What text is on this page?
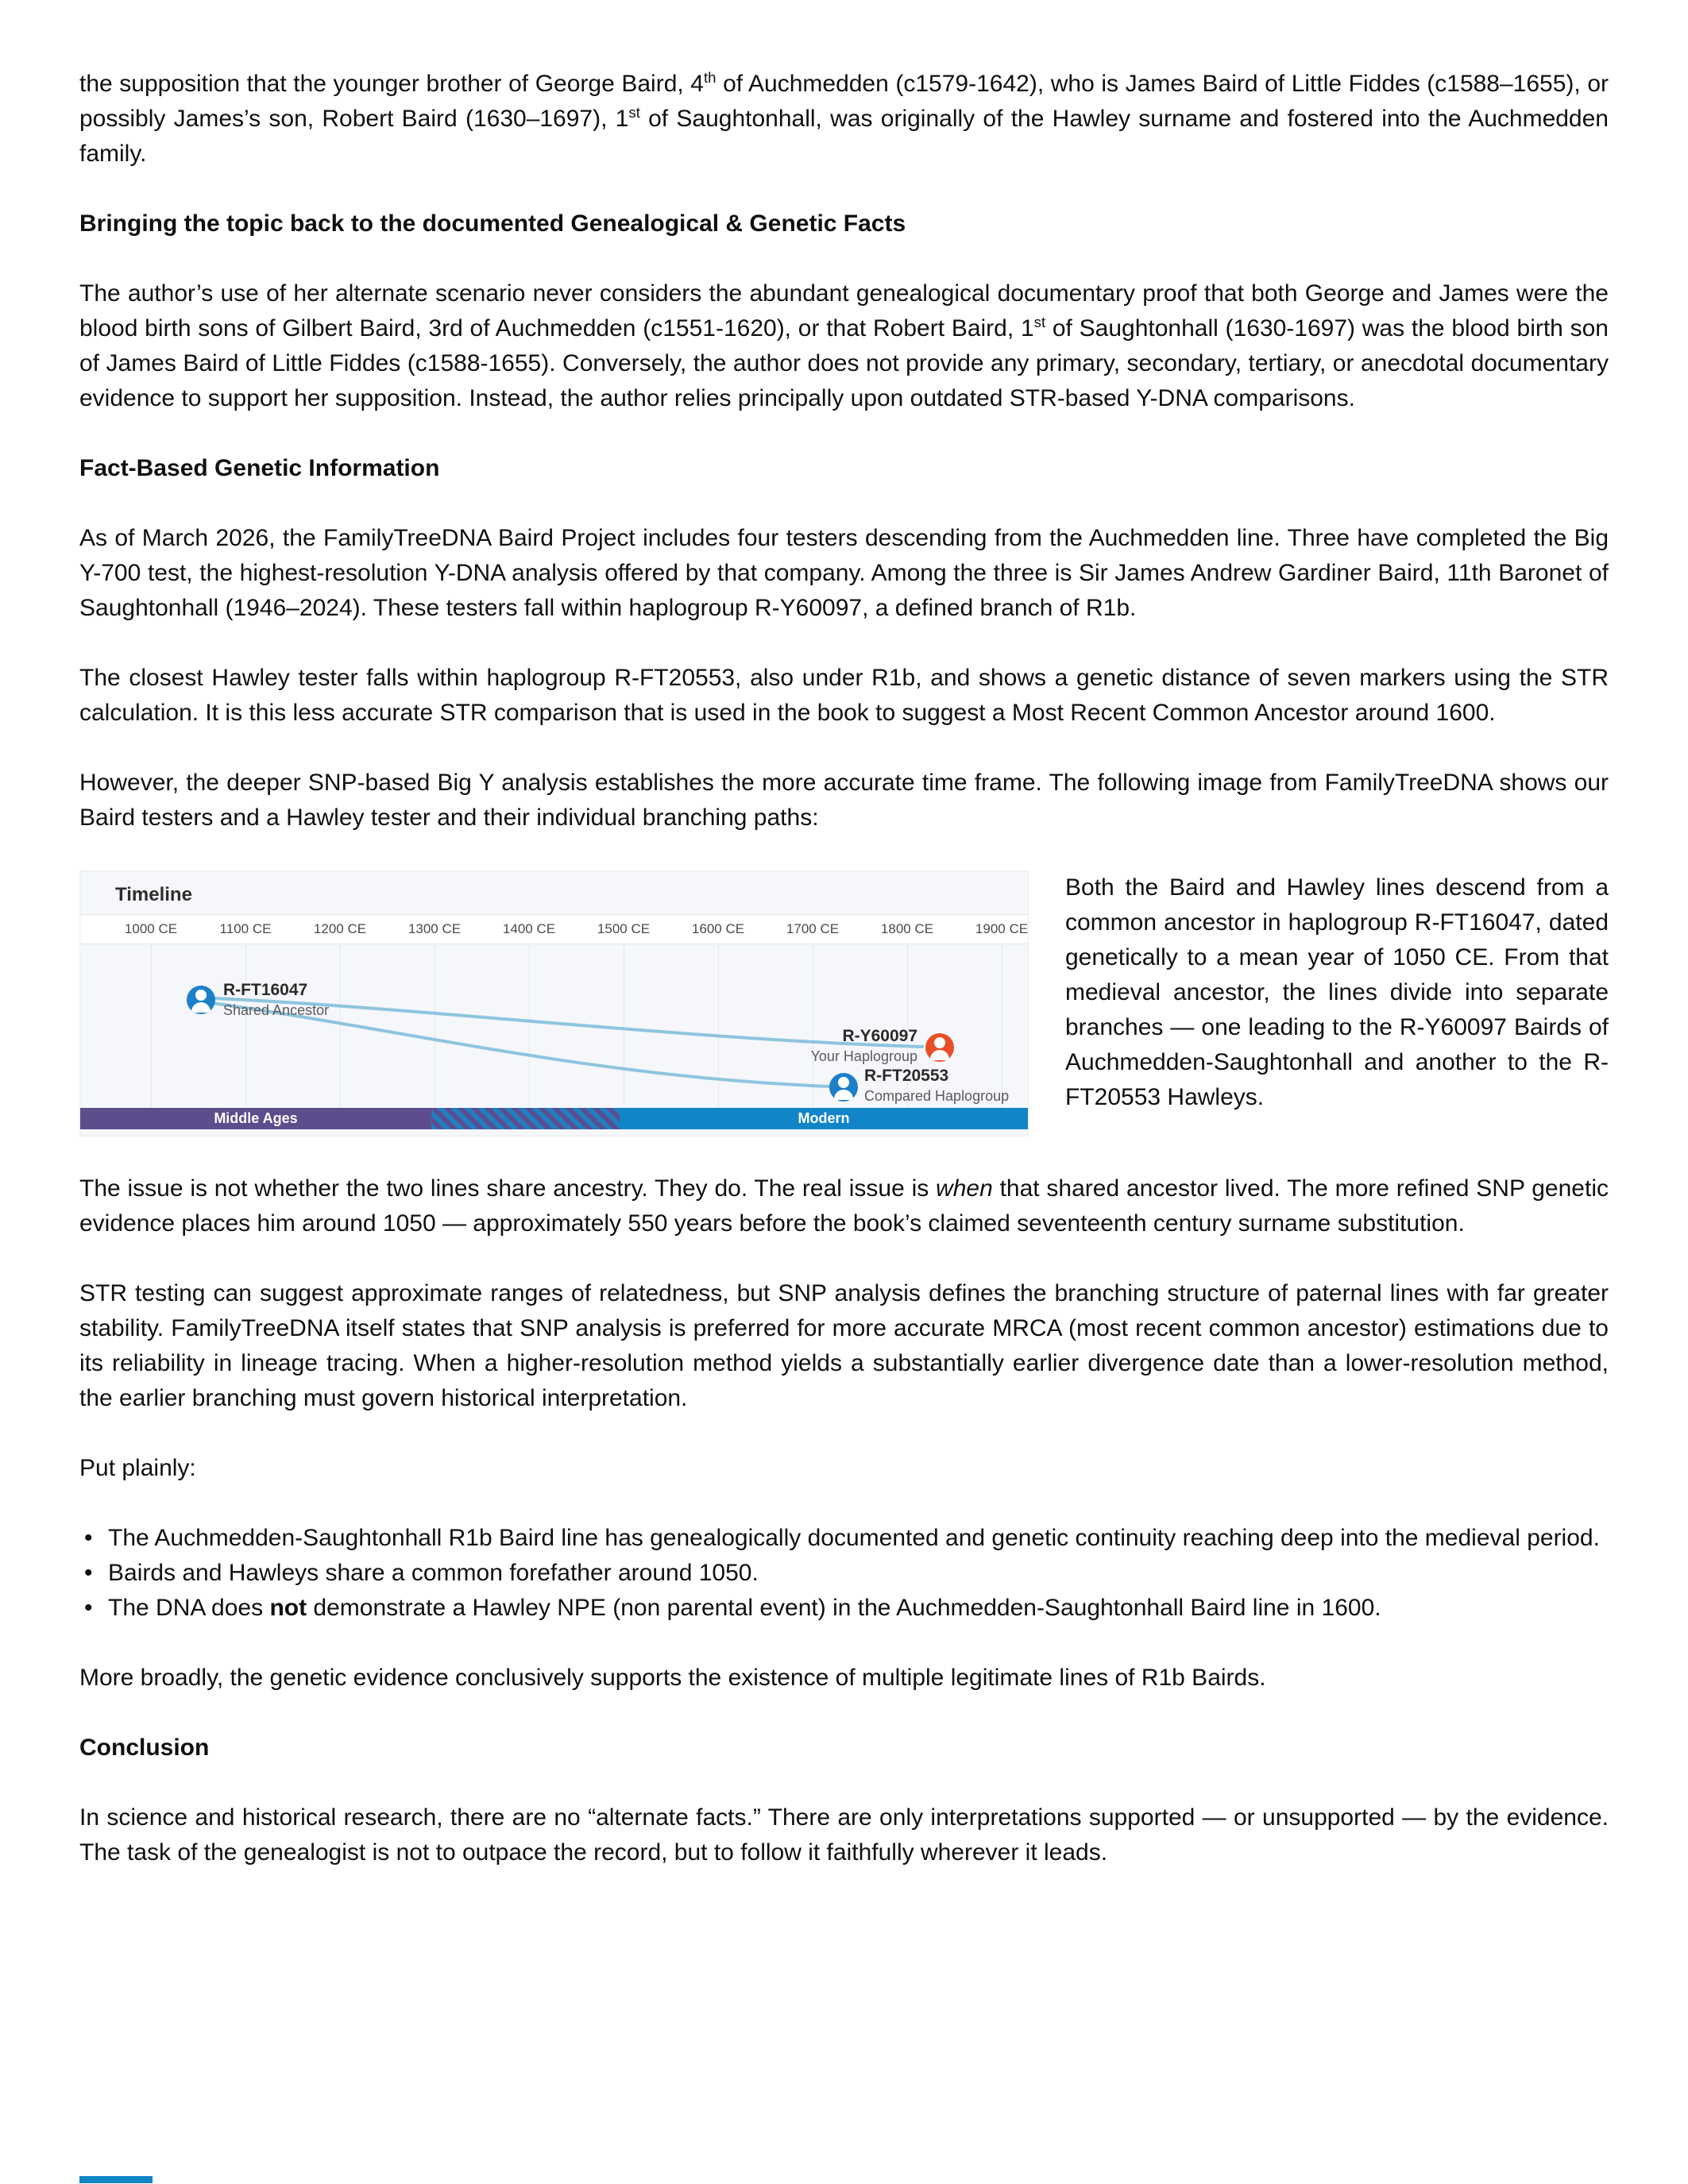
the supposition that the younger brother of George Baird, 4th of Auchmedden (c1579-1642), who is James Baird of Little Fiddes (c1588–1655), or possibly James’s son, Robert Baird (1630–1697), 1st of Saughtonhall, was originally of the Hawley surname and fostered into the Auchmedden family.

Bringing the topic back to the documented Genealogical & Genetic Facts

The author’s use of her alternate scenario never considers the abundant genealogical documentary proof that both George and James were the blood birth sons of Gilbert Baird, 3rd of Auchmedden (c1551-1620), or that Robert Baird, 1st of Saughtonhall (1630-1697) was the blood birth son of James Baird of Little Fiddes (c1588-1655). Conversely, the author does not provide any primary, secondary, tertiary, or anecdotal documentary evidence to support her supposition. Instead, the author relies principally upon outdated STR-based Y-DNA comparisons.

Fact-Based Genetic Information

As of March 2026, the FamilyTreeDNA Baird Project includes four testers descending from the Auchmedden line. Three have completed the Big Y-700 test, the highest-resolution Y-DNA analysis offered by that company. Among the three is Sir James Andrew Gardiner Baird, 11th Baronet of Saughtonhall (1946–2024). These testers fall within haplogroup R-Y60097, a defined branch of R1b.

The closest Hawley tester falls within haplogroup R-FT20553, also under R1b, and shows a genetic distance of seven markers using the STR calculation. It is this less accurate STR comparison that is used in the book to suggest a Most Recent Common Ancestor around 1600.

However, the deeper SNP-based Big Y analysis establishes the more accurate time frame. The following image from FamilyTreeDNA shows our Baird testers and a Hawley tester and their individual branching paths:

Timeline
1000 CE	1100 CE	1200 CE	1300 CE	1400 CE	1500 CE	1600 CE	1700 CE	1800 CE	1900 CE
R-FT16047
Shared Ancestor
R-Y60097
Your Haplogroup
R-FT20553
Compared Haplogroup
Middle Ages	Modern
Both the Baird and Hawley lines descend from a common ancestor in haplogroup R-FT16047, dated genetically to a mean year of 1050 CE. From that medieval ancestor, the lines divide into separate branches — one leading to the R-Y60097 Bairds of Auchmedden-Saughtonhall and another to the R-FT20553 Hawleys.

The issue is not whether the two lines share ancestry. They do. The real issue is when that shared ancestor lived. The more refined SNP genetic evidence places him around 1050 — approximately 550 years before the book’s claimed seventeenth century surname substitution.

STR testing can suggest approximate ranges of relatedness, but SNP analysis defines the branching structure of paternal lines with far greater stability. FamilyTreeDNA itself states that SNP analysis is preferred for more accurate MRCA (most recent common ancestor) estimations due to its reliability in lineage tracing. When a higher-resolution method yields a substantially earlier divergence date than a lower-resolution method, the earlier branching must govern historical interpretation.

Put plainly:

• The Auchmedden-Saughtonhall R1b Baird line has genealogically documented and genetic continuity reaching deep into the medieval period.
• Bairds and Hawleys share a common forefather around 1050.
• The DNA does not demonstrate a Hawley NPE (non parental event) in the Auchmedden-Saughtonhall Baird line in 1600.

More broadly, the genetic evidence conclusively supports the existence of multiple legitimate lines of R1b Bairds.

Conclusion

In science and historical research, there are no “alternate facts.” There are only interpretations supported — or unsupported — by the evidence. The task of the genealogist is not to outpace the record, but to follow it faithfully wherever it leads.
